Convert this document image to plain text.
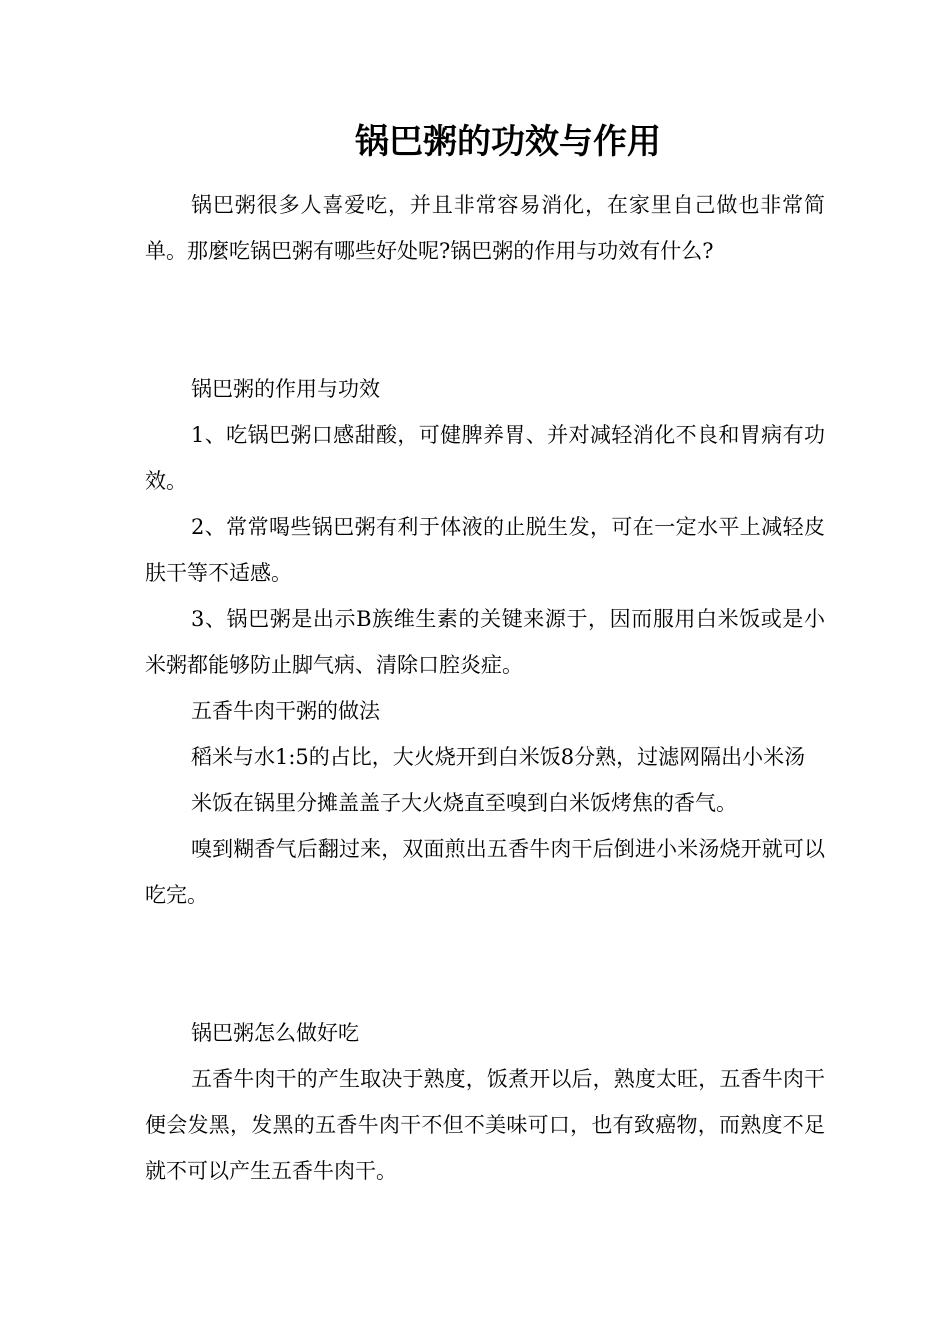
锅巴粥的功效与作用

锅巴粥很多人喜爱吃，并且非常容易消化，在家里自己做也非常简单。那麼吃锅巴粥有哪些好处呢?锅巴粥的作用与功效有什么?

锅巴粥的作用与功效

1、吃锅巴粥口感甜酸，可健脾养胃、并对减轻消化不良和胃病有功效。

2、常常喝些锅巴粥有利于体液的止脱生发，可在一定水平上减轻皮肤干等不适感。

3、锅巴粥是出示B族维生素的关键来源于，因而服用白米饭或是小米粥都能够防止脚气病、清除口腔炎症。

五香牛肉干粥的做法

稻米与水1:5的占比，大火烧开到白米饭8分熟，过滤网隔出小米汤

米饭在锅里分摊盖盖子大火烧直至嗅到白米饭烤焦的香气。

嗅到糊香气后翻过来，双面煎出五香牛肉干后倒进小米汤烧开就可以吃完。

锅巴粥怎么做好吃

五香牛肉干的产生取决于熟度，饭煮开以后，熟度太旺，五香牛肉干便会发黑，发黑的五香牛肉干不但不美味可口，也有致癌物，而熟度不足就不可以产生五香牛肉干。
